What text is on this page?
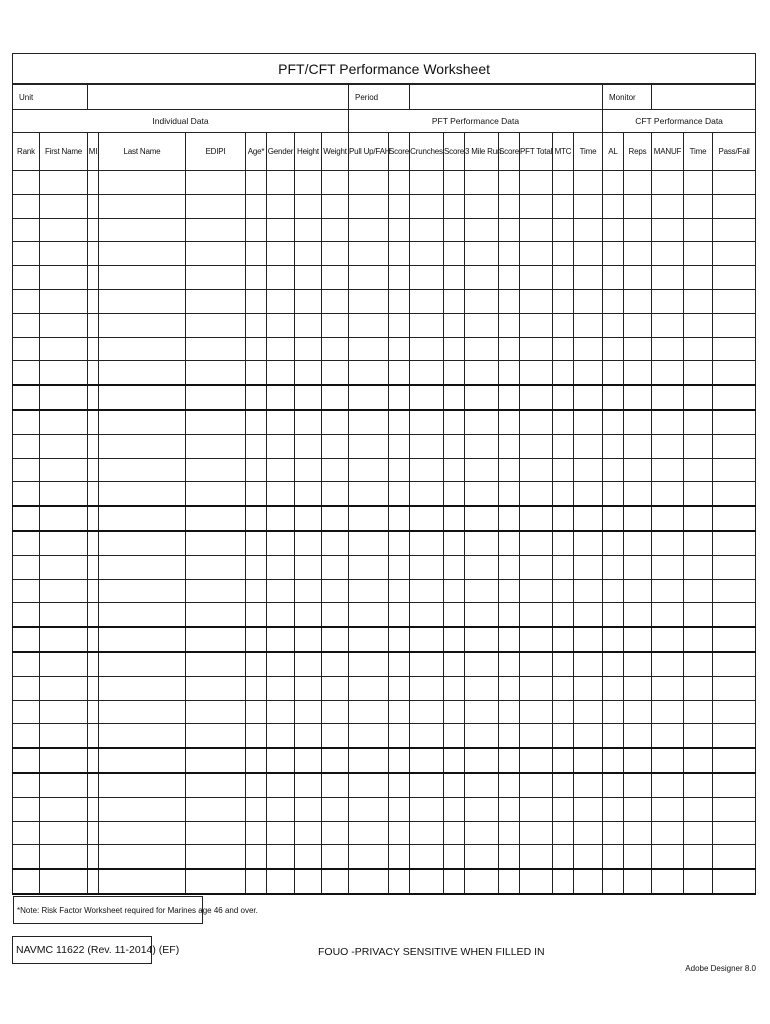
PFT/CFT Performance Worksheet																						
Unit									Period									Monitor				
Individual Data									PFT Performance Data									CFT Performance Data				
Rank	First Name	MI	Last Name	EDIPI	Age*	Gender	Height	Weight	Pull Up/FAH	Score	Crunches	Score	3 Mile Run	Score	PFT Total	MTC	Time	AL	Reps	MANUF	Time	Pass/Fail

*Note: Risk Factor Worksheet required for Marines age 46 and over.
NAVMC 11622 (Rev. 11-2014) (EF)	FOUO -PRIVACY SENSITIVE WHEN FILLED IN
Adobe Designer 8.0
